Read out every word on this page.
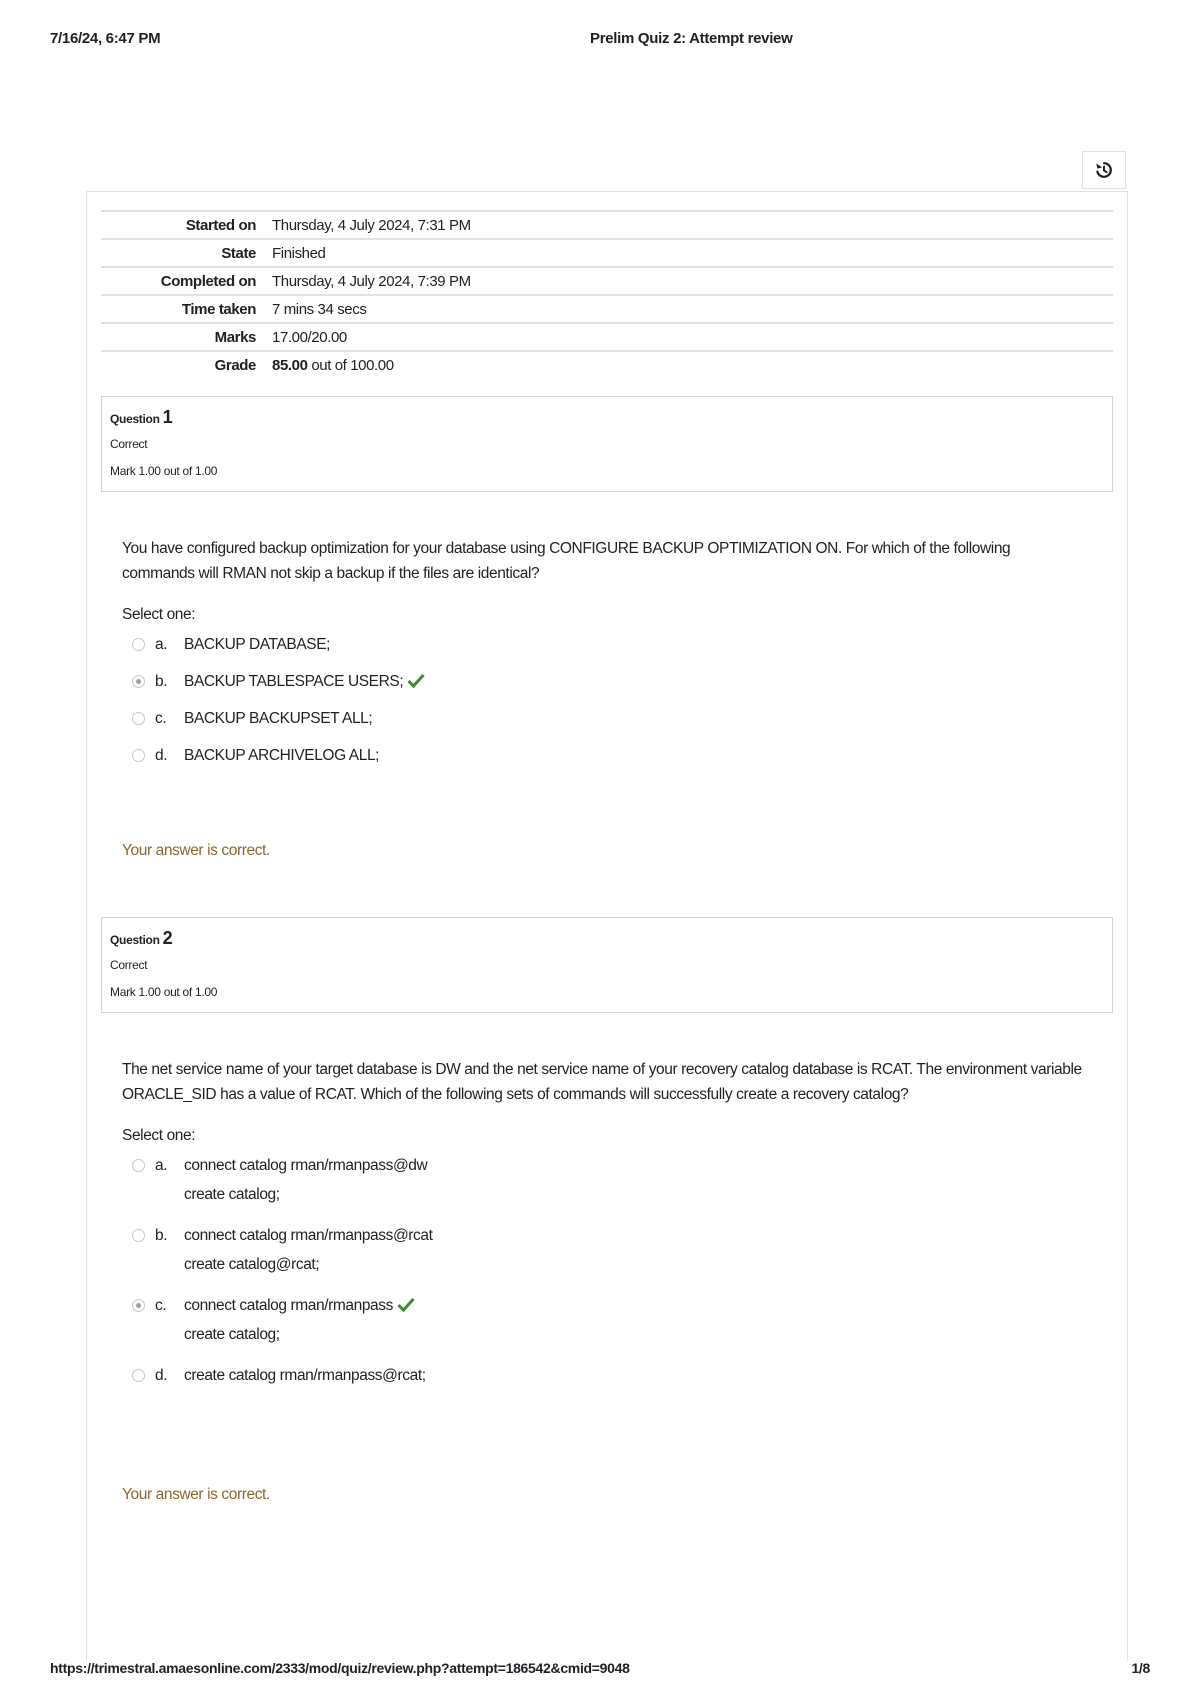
7/16/24, 6:47 PM	Prelim Quiz 2: Attempt review
Started on	Thursday, 4 July 2024, 7:31 PM
State	Finished
Completed on	Thursday, 4 July 2024, 7:39 PM
Time taken	7 mins 34 secs
Marks	17.00/20.00
Grade	85.00 out of 100.00
Question 1
Correct
Mark 1.00 out of 1.00

You have configured backup optimization for your database using CONFIGURE BACKUP OPTIMIZATION ON. For which of the following commands will RMAN not skip a backup if the files are identical?

Select one:
a. BACKUP DATABASE;
b. BACKUP TABLESPACE USERS;
c. BACKUP BACKUPSET ALL;
d. BACKUP ARCHIVELOG ALL;
Your answer is correct.
Question 2
Correct
Mark 1.00 out of 1.00

The net service name of your target database is DW and the net service name of your recovery catalog database is RCAT. The environment variable ORACLE_SID has a value of RCAT. Which of the following sets of commands will successfully create a recovery catalog?

Select one:
a. connect catalog rman/rmanpass@dw
create catalog;
b. connect catalog rman/rmanpass@rcat
create catalog@rcat;
c. connect catalog rman/rmanpass
create catalog;
d. create catalog rman/rmanpass@rcat;
Your answer is correct.
https://trimestral.amaesonline.com/2333/mod/quiz/review.php?attempt=186542&cmid=9048	1/8
